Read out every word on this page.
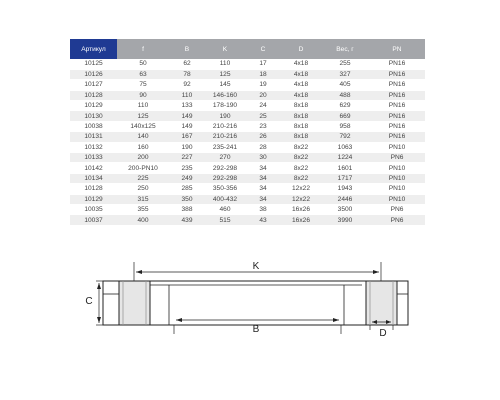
Артикул	f	B	K	C	D	Вес, г	PN
10125	50	62	110	17	4x18	255	PN16
10126	63	78	125	18	4x18	327	PN16
10127	75	92	145	19	4x18	405	PN16
10128	90	110	146-160	20	4x18	488	PN16
10129	110	133	178-190	24	8x18	629	PN16
10130	125	149	190	25	8x18	669	PN16
10038	140x125	149	210-216	23	8x18	958	PN16
10131	140	167	210-216	26	8x18	792	PN16
10132	160	190	235-241	28	8x22	1063	PN10
10133	200	227	270	30	8x22	1224	PN6
10142	200-PN10	235	292-298	34	8x22	1601	PN10
10134	225	249	292-298	34	8x22	1717	PN10
10128	250	285	350-356	34	12x22	1943	PN10
10129	315	350	400-432	34	12x22	2446	PN10
10035	355	388	460	38	16x26	3500	PN6
10037	400	439	515	43	16x26	3990	PN6
K
B
C
D
